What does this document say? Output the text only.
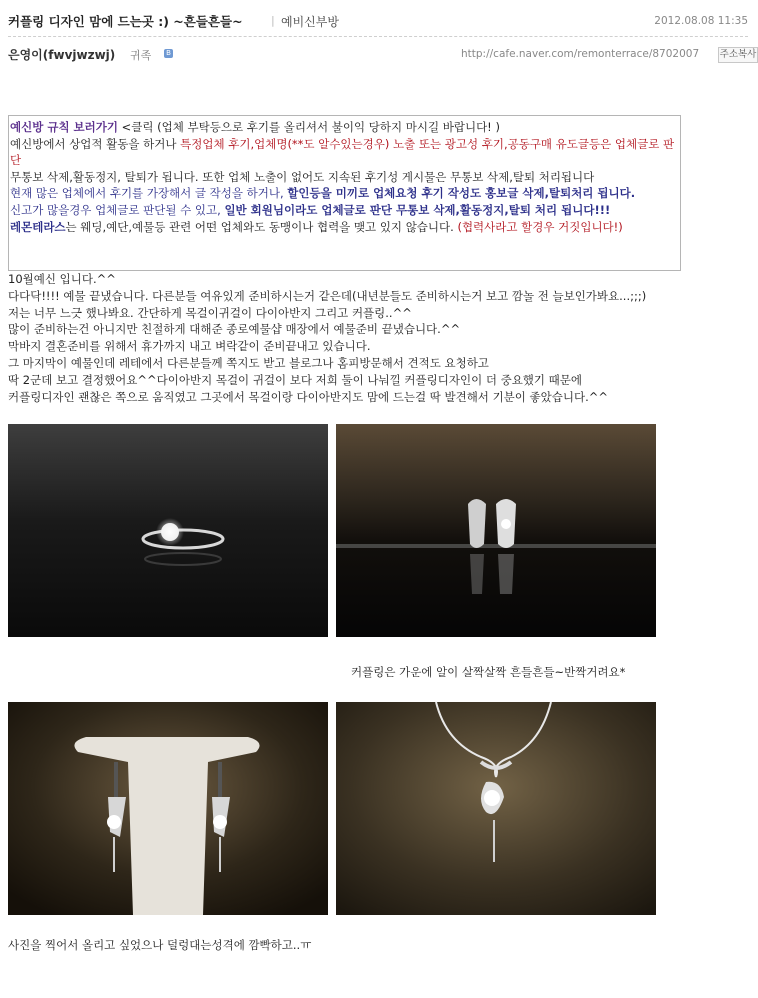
커플링 디자인 맘에 드는곳 :) ~흔들흔들~	| 예비신부방	2012.08.08 11:35
은영이(fwvjwzwj) 귀족 B	http://cafe.naver.com/remonterrace/8702007 주소복사

예신방 규칙 보러가기 <클릭 (업체 부탁등으로 후기를 올리셔서 불이익 당하지 마시길 바랍니다! )

예신방에서 상업적 활동을 하거나 특정업체 후기,업체명(**도 알수있는경우) 노출 또는 광고성 후기,공동구매 유도글등은 업체글로 판단

무통보 삭제,활동정지, 탈퇴가 됩니다. 또한 업체 노출이 없어도 지속된 후기성 게시물은 무통보 삭제,탈퇴 처리됩니다

현재 많은 업체에서 후기를 가장해서 글 작성을 하거나, 할인등을 미끼로 업체요청 후기 작성도 홍보글 삭제,탈퇴처리 됩니다.

신고가 많을경우 업체글로 판단될 수 있고, 일반 회원님이라도 업체글로 판단 무통보 삭제,활동정지,탈퇴 처리 됩니다!!!

레몬테라스는 웨딩,예단,예물등 관련 어떤 업체와도 동맹이나 협력을 맺고 있지 않습니다. (협력사라고 할경우 거짓입니다!)

10월예신 입니다.^^

다다닥!!!! 예물 끝냈습니다. 다른분들 여유있게 준비하시는거 같은데(내년분들도 준비하시는거 보고 깜놀 전 늘보인가봐요...;;;)

저는 너무 느긋 했나봐요. 간단하게 목걸이귀걸이 다이아반지 그리고 커플링..^^

많이 준비하는건 아니지만 친절하게 대해준 종로예물샵 매장에서 예물준비 끝냈습니다.^^

막바지 결혼준비를 위해서 휴가까지 내고 벼락같이 준비끝내고 있습니다.

그 마지막이 예물인데 레테에서 다른분들께 쪽지도 받고 블로그나 홈피방문해서 견적도 요청하고

딱 2군데 보고 결정했어요^^다이아반지 목걸이 귀걸이 보다 저희 둘이 나눠낄 커플링디자인이 더 중요했기 때문에

커플링디자인 괜찮은 쪽으로 움직였고 그곳에서 목걸이랑 다이아반지도 맘에 드는걸 딱 발견해서 기분이 좋았습니다.^^

커플링은 가운에 알이 살짝살짝 흔들흔들~반짝거려요*
사진을 찍어서 올리고 싶었으나 덜렁대는성격에 깜빡하고..ㅠ
